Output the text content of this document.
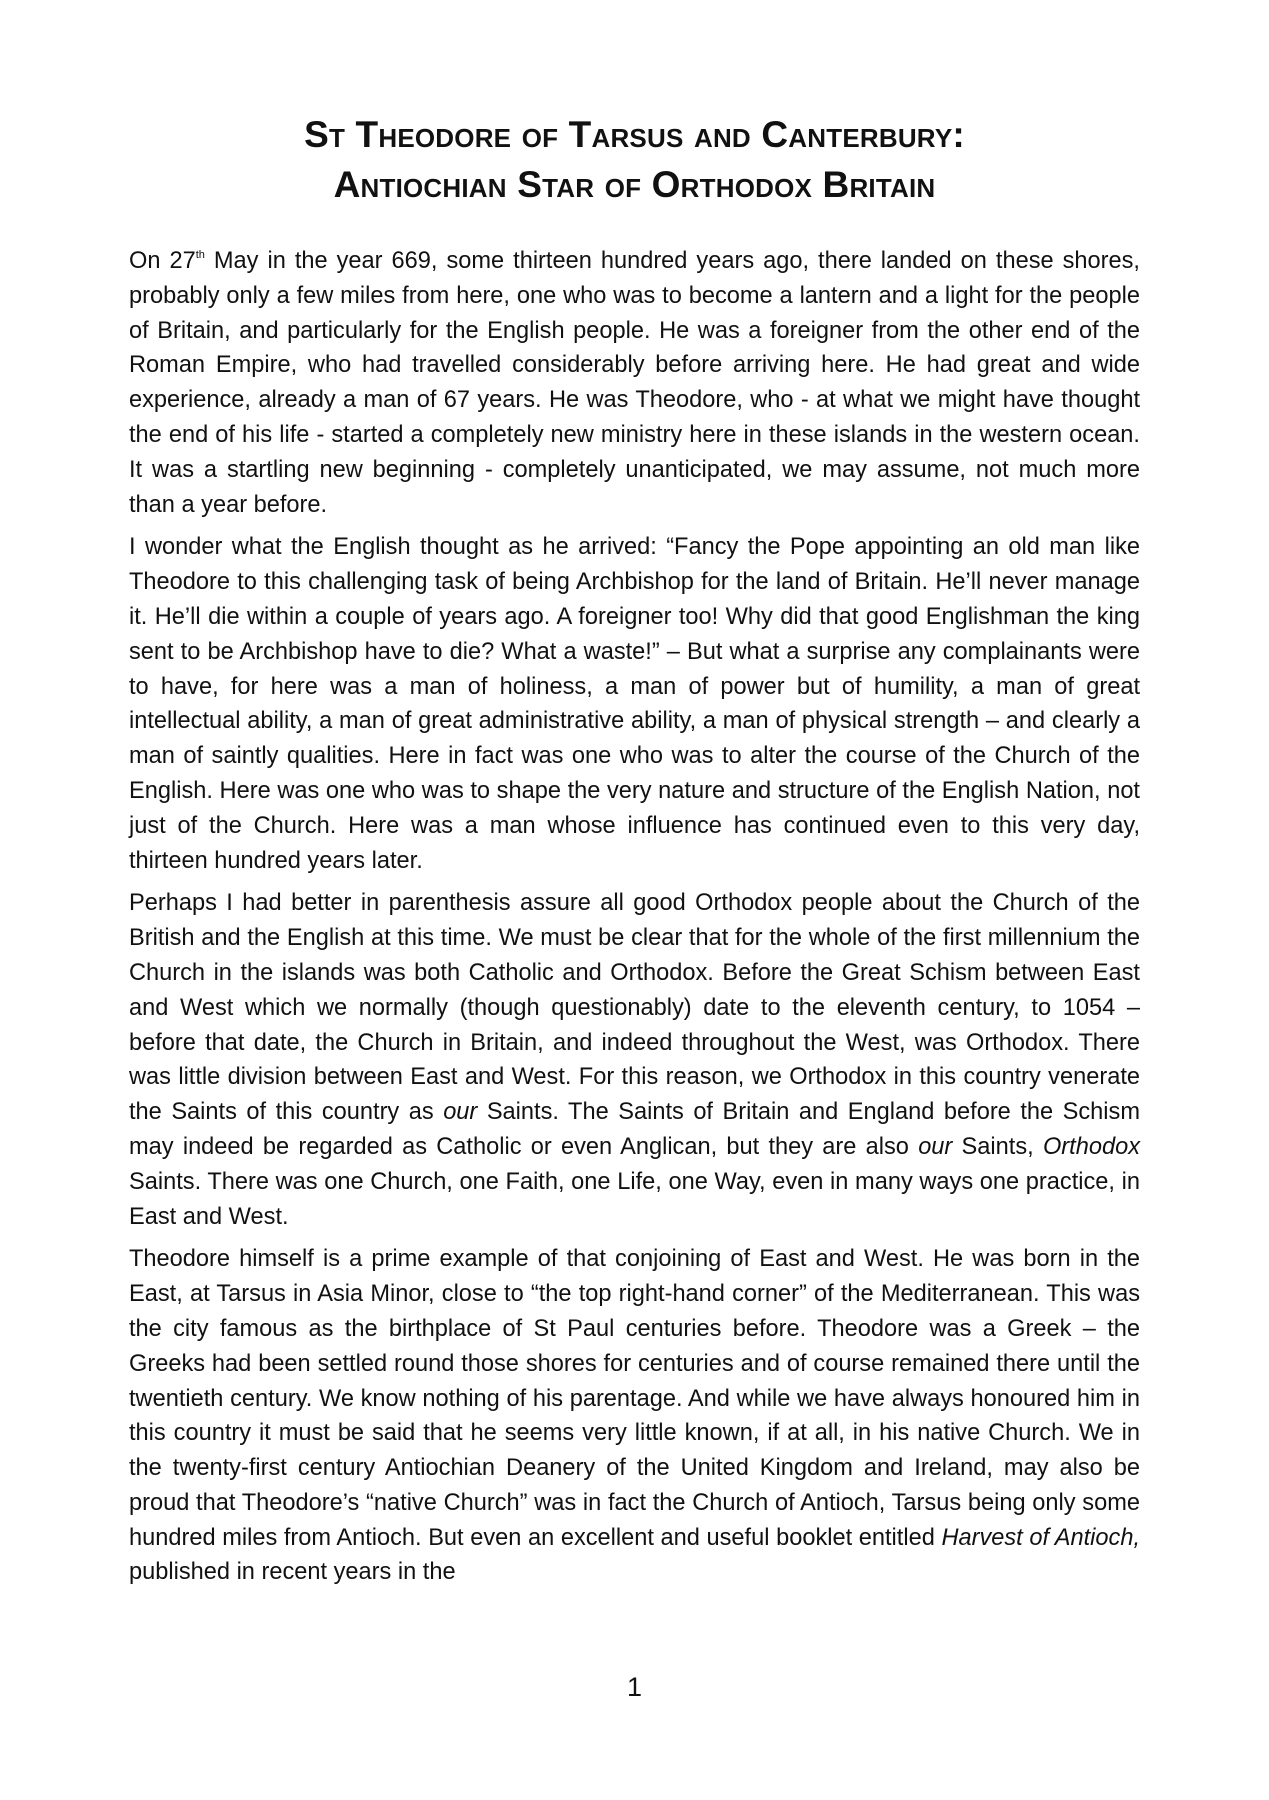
St Theodore of Tarsus and Canterbury:
Antiochian Star of Orthodox Britain

On 27th May in the year 669, some thirteen hundred years ago, there landed on these shores, probably only a few miles from here, one who was to become a lantern and a light for the people of Britain, and particularly for the English people. He was a foreigner from the other end of the Roman Empire, who had travelled considerably before arriving here. He had great and wide experience, already a man of 67 years. He was Theodore, who - at what we might have thought the end of his life - started a completely new ministry here in these islands in the western ocean. It was a startling new beginning - completely unanticipated, we may assume, not much more than a year before.

I wonder what the English thought as he arrived: “Fancy the Pope appointing an old man like Theodore to this challenging task of being Archbishop for the land of Britain. He’ll never manage it. He’ll die within a couple of years ago. A foreigner too! Why did that good Englishman the king sent to be Archbishop have to die? What a waste!” – But what a surprise any complainants were to have, for here was a man of holiness, a man of power but of humility, a man of great intellectual ability, a man of great administrative ability, a man of physical strength – and clearly a man of saintly qualities. Here in fact was one who was to alter the course of the Church of the English. Here was one who was to shape the very nature and structure of the English Nation, not just of the Church. Here was a man whose influence has continued even to this very day, thirteen hundred years later.

Perhaps I had better in parenthesis assure all good Orthodox people about the Church of the British and the English at this time. We must be clear that for the whole of the first millennium the Church in the islands was both Catholic and Orthodox. Before the Great Schism between East and West which we normally (though questionably) date to the eleventh century, to 1054 – before that date, the Church in Britain, and indeed throughout the West, was Orthodox. There was little division between East and West. For this reason, we Orthodox in this country venerate the Saints of this country as our Saints. The Saints of Britain and England before the Schism may indeed be regarded as Catholic or even Anglican, but they are also our Saints, Orthodox Saints. There was one Church, one Faith, one Life, one Way, even in many ways one practice, in East and West.

Theodore himself is a prime example of that conjoining of East and West. He was born in the East, at Tarsus in Asia Minor, close to “the top right-hand corner” of the Mediterranean. This was the city famous as the birthplace of St Paul centuries before. Theodore was a Greek – the Greeks had been settled round those shores for centuries and of course remained there until the twentieth century. We know nothing of his parentage. And while we have always honoured him in this country it must be said that he seems very little known, if at all, in his native Church. We in the twenty-first century Antiochian Deanery of the United Kingdom and Ireland, may also be proud that Theodore’s “native Church” was in fact the Church of Antioch, Tarsus being only some hundred miles from Antioch. But even an excellent and useful booklet entitled Harvest of Antioch, published in recent years in the

1
